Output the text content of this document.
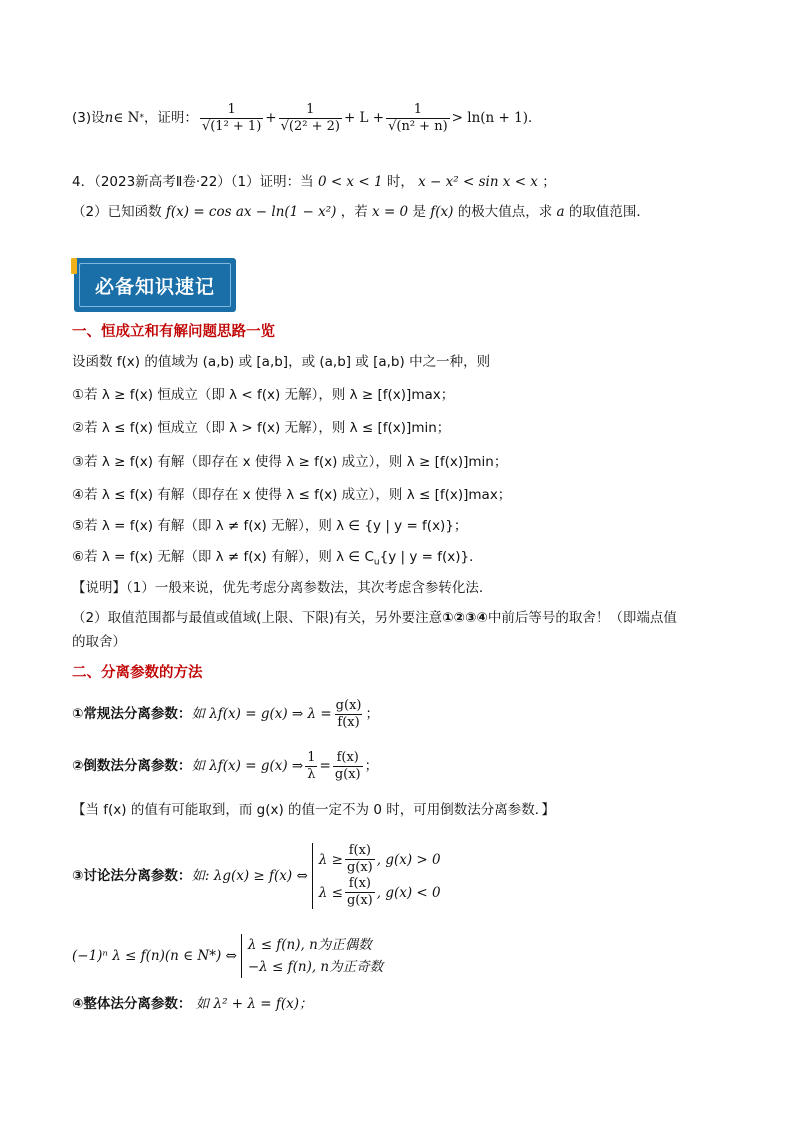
(3)设 n ∈ N * ，证明： $\frac{1}{\text{√(1² + 1)}} + \frac{1}{\text{√(2² + 2)}} + L + \frac{1}{\text{√(n² + n)}} > \ln(n + 1)$．
4．（2023新高考Ⅱ卷·22）（1）证明：当 0 < x < 1 时， x − x² < sin x < x ；
（2）已知函数 f(x) = cos ax − ln(1 − x²) ，若 x = 0 是 f(x) 的极大值点，求 a 的取值范围．
必备知识速记
一、恒成立和有解问题思路一览
设函数 f(x) 的值域为 (a,b) 或 [a,b]，或 (a,b] 或 [a,b) 中之一种，则
①若 λ ≥ f(x) 恒成立（即 λ < f(x) 无解），则 λ ≥ [f(x)]max；
②若 λ ≤ f(x) 恒成立（即 λ > f(x) 无解），则 λ ≤ [f(x)]min；
③若 λ ≥ f(x) 有解（即存在 x 使得 λ ≥ f(x) 成立），则 λ ≥ [f(x)]min；
④若 λ ≤ f(x) 有解（即存在 x 使得 λ ≤ f(x) 成立），则 λ ≤ [f(x)]max；
⑤若 λ = f(x) 有解（即 λ ≠ f(x) 无解），则 λ ∈ {y | y = f(x)}；
⑥若 λ = f(x) 无解（即 λ ≠ f(x) 有解），则 λ ∈ $C_u\{y$ | y = f(x)}．
【说明】（1）一般来说，优先考虑分离参数法，其次考虑含参转化法．
（2）取值范围都与最值或值域(上限、下限)有关，另外要注意①②③④中前后等号的取舍！（即端点值
的取舍）
二、分离参数的方法
①常规法分离参数： 如 λf(x) = g(x) ⇒ $\lambda = \frac{g(x)}{f(x)}$ ；
②倒数法分离参数： 如 λf(x) = g(x) ⇒ $\frac{1}{\lambda} = \frac{f(x)}{g(x)}$ ；
【当 f(x) 的值有可能取到，而 g(x) 的值一定不为 0 时，可用倒数法分离参数．】
③讨论法分离参数： 如: λg(x) ≥ f(x) ⇔
$\lambda \ge \frac{f(x)}{g(x)}$ , g(x) > 0
$\lambda \le \frac{f(x)}{g(x)}$ , g(x) < 0
(−1)ⁿ λ ≤ f(n)(n ∈ N*) ⇔
λ ≤ f(n), n为正偶数
−λ ≤ f(n), n为正奇数
④整体法分离参数： 如 λ² + λ = f(x)；
